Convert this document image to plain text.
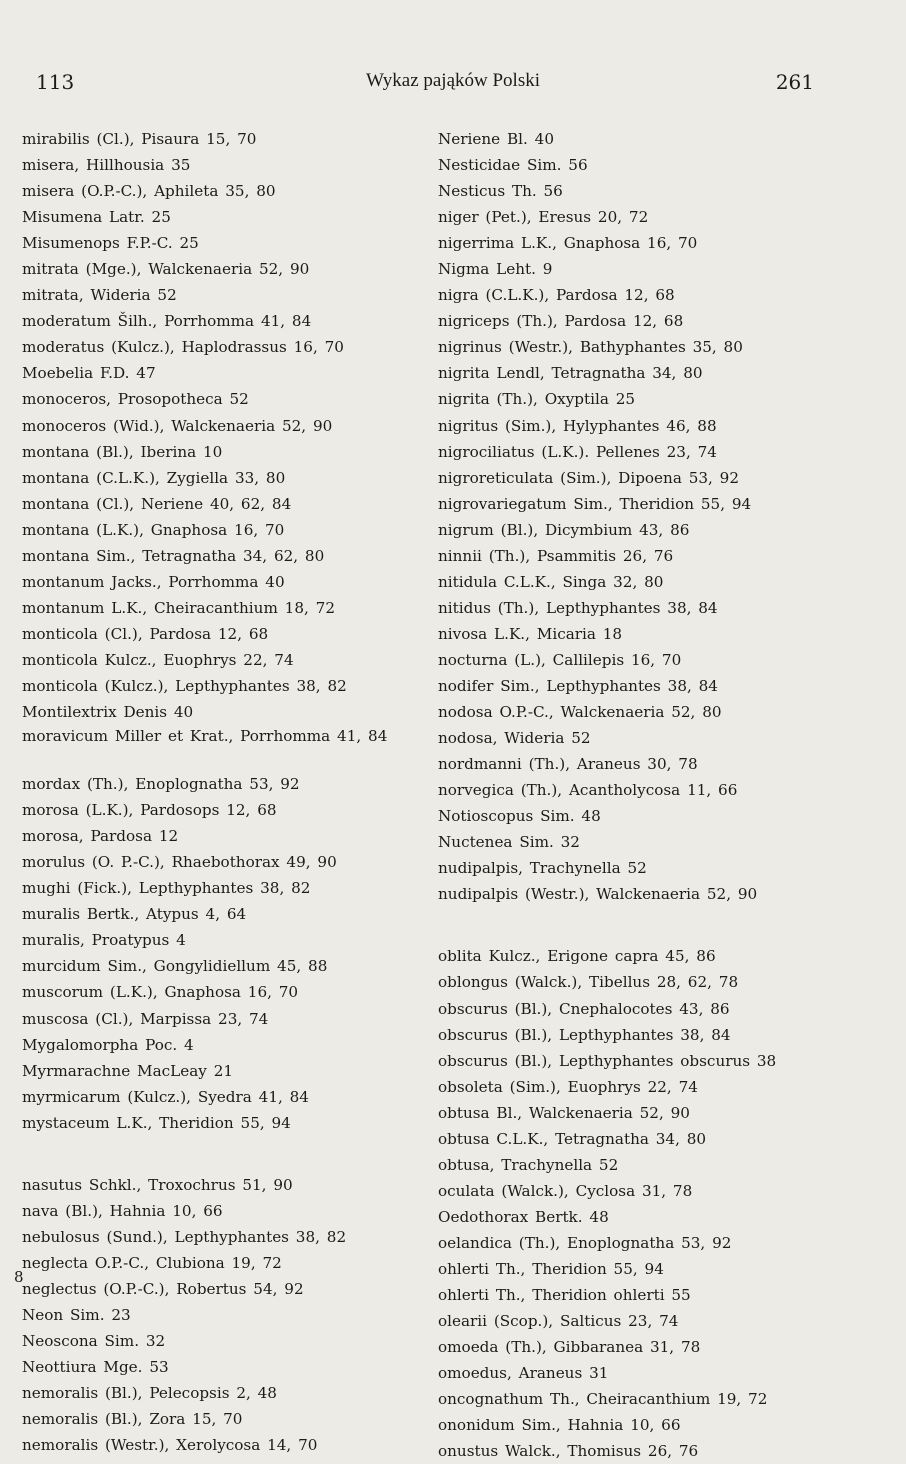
113	Wykaz pająków Polski	261
mirabilis (Cl.), Pisaura 15, 70
misera, Hillhousia 35
misera (O.P.-C.), Aphileta 35, 80
Misumena Latr. 25
Misumenops F.P.-C. 25
mitrata (Mge.), Walckenaeria 52, 90
mitrata, Wideria 52
moderatum Šilh., Porrhomma 41, 84
moderatus (Kulcz.), Haplodrassus 16, 70
Moebelia F.D. 47
monoceros, Prosopotheca 52
monoceros (Wid.), Walckenaeria 52, 90
montana (Bl.), Iberina 10
montana (C.L.K.), Zygiella 33, 80
montana (Cl.), Neriene 40, 62, 84
montana (L.K.), Gnaphosa 16, 70
montana Sim., Tetragnatha 34, 62, 80
montanum Jacks., Porrhomma 40
montanum L.K., Cheiracanthium 18, 72
monticola (Cl.), Pardosa 12, 68
monticola Kulcz., Euophrys 22, 74
monticola (Kulcz.), Lepthyphantes 38, 82
Montilextrix Denis 40
moravicum Miller et Krat., Porrhomma 41, 84
mordax (Th.), Enoplognatha 53, 92
morosa (L.K.), Pardosops 12, 68
morosa, Pardosa 12
morulus (O. P.-C.), Rhaebothorax 49, 90
mughi (Fick.), Lepthyphantes 38, 82
muralis Bertk., Atypus 4, 64
muralis, Proatypus 4
murcidum Sim., Gongylidiellum 45, 88
muscorum (L.K.), Gnaphosa 16, 70
muscosa (Cl.), Marpissa 23, 74
Mygalomorpha Poc. 4
Myrmarachne MacLeay 21
myrmicarum (Kulcz.), Syedra 41, 84
mystaceum L.K., Theridion 55, 94
nasutus Schkl., Troxochrus 51, 90
nava (Bl.), Hahnia 10, 66
nebulosus (Sund.), Lepthyphantes 38, 82
neglecta O.P.-C., Clubiona 19, 72
neglectus (O.P.-C.), Robertus 54, 92
Neon Sim. 23
Neoscona Sim. 32
Neottiura Mge. 53
nemoralis (Bl.), Pelecopsis 2, 48
nemoralis (Bl.), Zora 15, 70
nemoralis (Westr.), Xerolycosa 14, 70
Neriene Bl. 40
Nesticidae Sim. 56
Nesticus Th. 56
niger (Pet.), Eresus 20, 72
nigerrima L.K., Gnaphosa 16, 70
Nigma Leht. 9
nigra (C.L.K.), Pardosa 12, 68
nigriceps (Th.), Pardosa 12, 68
nigrinus (Westr.), Bathyphantes 35, 80
nigrita Lendl, Tetragnatha 34, 80
nigrita (Th.), Oxyptila 25
nigritus (Sim.), Hylyphantes 46, 88
nigrociliatus (L.K.). Pellenes 23, 74
nigroreticulata (Sim.), Dipoena 53, 92
nigrovariegatum Sim., Theridion 55, 94
nigrum (Bl.), Dicymbium 43, 86
ninnii (Th.), Psammitis 26, 76
nitidula C.L.K., Singa 32, 80
nitidus (Th.), Lepthyphantes 38, 84
nivosa L.K., Micaria 18
nocturna (L.), Callilepis 16, 70
nodifer Sim., Lepthyphantes 38, 84
nodosa O.P.-C., Walckenaeria 52, 80
nodosa, Wideria 52
nordmanni (Th.), Araneus 30, 78
norvegica (Th.), Acantholycosa 11, 66
Notioscopus Sim. 48
Nuctenea Sim. 32
nudipalpis, Trachynella 52
nudipalpis (Westr.), Walckenaeria 52, 90
oblita Kulcz., Erigone capra 45, 86
oblongus (Walck.), Tibellus 28, 62, 78
obscurus (Bl.), Cnephalocotes 43, 86
obscurus (Bl.), Lepthyphantes 38, 84
obscurus (Bl.), Lepthyphantes obscurus 38
obsoleta (Sim.), Euophrys 22, 74
obtusa Bl., Walckenaeria 52, 90
obtusa C.L.K., Tetragnatha 34, 80
obtusa, Trachynella 52
oculata (Walck.), Cyclosa 31, 78
Oedothorax Bertk. 48
oelandica (Th.), Enoplognatha 53, 92
ohlerti Th., Theridion 55, 94
ohlerti Th., Theridion ohlerti 55
olearii (Scop.), Salticus 23, 74
omoeda (Th.), Gibbaranea 31, 78
omoedus, Araneus 31
oncognathum Th., Cheiracanthium 19, 72
ononidum Sim., Hahnia 10, 66
onustus Walck., Thomisus 26, 76
8
